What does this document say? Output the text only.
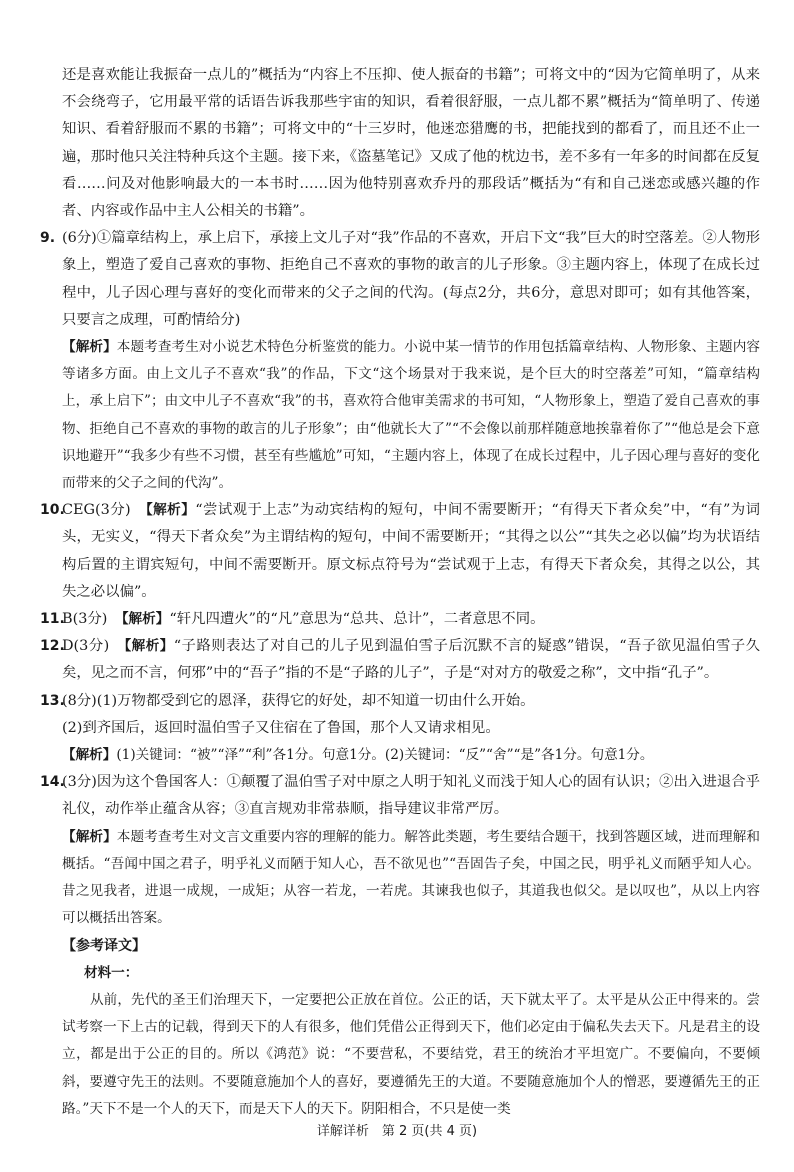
还是喜欢能让我振奋一点儿的”概括为“内容上不压抑、使人振奋的书籍”；可将文中的“因为它简单明了，从来不会绕弯子，它用最平常的话语告诉我那些宇宙的知识，看着很舒服，一点儿都不累”概括为“简单明了、传递知识、看着舒服而不累的书籍”；可将文中的“十三岁时，他迷恋猎鹰的书，把能找到的都看了，而且还不止一遍，那时他只关注特种兵这个主题。接下来，《盗墓笔记》又成了他的枕边书，差不多有一年多的时间都在反复看……问及对他影响最大的一本书时……因为他特别喜欢乔丹的那段话”概括为“有和自己迷恋或感兴趣的作者、内容或作品中主人公相关的书籍”。

9. (6分)①篇章结构上，承上启下，承接上文儿子对“我”作品的不喜欢，开启下文“我”巨大的时空落差。②人物形象上，塑造了爱自己喜欢的事物、拒绝自己不喜欢的事物的敢言的儿子形象。③主题内容上，体现了在成长过程中，儿子因心理与喜好的变化而带来的父子之间的代沟。(每点2分，共6分，意思对即可；如有其他答案，只要言之成理，可酌情给分)

【解析】本题考查考生对小说艺术特色分析鉴赏的能力。小说中某一情节的作用包括篇章结构、人物形象、主题内容等诸多方面。由上文儿子不喜欢“我”的作品，下文“这个场景对于我来说，是个巨大的时空落差”可知，“篇章结构上，承上启下”；由文中儿子不喜欢“我”的书，喜欢符合他审美需求的书可知，“人物形象上，塑造了爱自己喜欢的事物、拒绝自己不喜欢的事物的敢言的儿子形象”；由“他就长大了”“不会像以前那样随意地挨靠着你了”“他总是会下意识地避开”“我多少有些不习惯，甚至有些尴尬”可知，“主题内容上，体现了在成长过程中，儿子因心理与喜好的变化而带来的父子之间的代沟”。

10.

CEG(3分)　 【解析】“尝试观于上志”为动宾结构的短句，中间不需要断开；“有得天下者众矣”中，“有”为词头，无实义，“得天下者众矣”为主谓结构的短句，中间不需要断开；“其得之以公”“其失之必以偏”均为状语结构后置的主谓宾短句，中间不需要断开。原文标点符号为“尝试观于上志，有得天下者众矣，其得之以公，其失之必以偏”。

11.

B(3分)　 【解析】“轩凡四遭火”的“凡”意思为“总共、总计”，二者意思不同。

12.

D(3分)　 【解析】“子路则表达了对自己的儿子见到温伯雪子后沉默不言的疑惑”错误，“吾子欲见温伯雪子久矣，见之而不言，何邪”中的“吾子”指的不是“子路的儿子”，子是“对对方的敬爱之称”，文中指“孔子”。

13.

(8分)(1)万物都受到它的恩泽，获得它的好处，却不知道一切由什么开始。

(2)到齐国后，返回时温伯雪子又住宿在了鲁国，那个人又请求相见。

【解析】(1)关键词：“被”“泽”“利”各1分。句意1分。(2)关键词：“反”“舍”“是”各1分。句意1分。

14.

(3分)因为这个鲁国客人：①颠覆了温伯雪子对中原之人明于知礼义而浅于知人心的固有认识；②出入进退合乎礼仪，动作举止蕴含从容；③直言规劝非常恭顺，指导建议非常严厉。

【解析】本题考查考生对文言文重要内容的理解的能力。解答此类题，考生要结合题干，找到答题区域，进而理解和概括。“吾闻中国之君子，明乎礼义而陋于知人心，吾不欲见也”“吾固告子矣，中国之民，明乎礼义而陋乎知人心。昔之见我者，进退一成规，一成矩；从容一若龙，一若虎。其谏我也似子，其道我也似父。是以叹也”，从以上内容可以概括出答案。

【参考译文】

材料一：

从前，先代的圣王们治理天下，一定要把公正放在首位。公正的话，天下就太平了。太平是从公正中得来的。尝试考察一下上古的记载，得到天下的人有很多，他们凭借公正得到天下，他们必定由于偏私失去天下。凡是君主的设立，都是出于公正的目的。所以《鸿范》说：“不要营私，不要结党，君王的统治才平坦宽广。不要偏向，不要倾斜，要遵守先王的法则。不要随意施加个人的喜好，要遵循先王的大道。不要随意施加个人的憎恶，要遵循先王的正路。”天下不是一个人的天下，而是天下人的天下。阴阳相合，不只是使一类

详解详析　第 2 页(共 4 页)
